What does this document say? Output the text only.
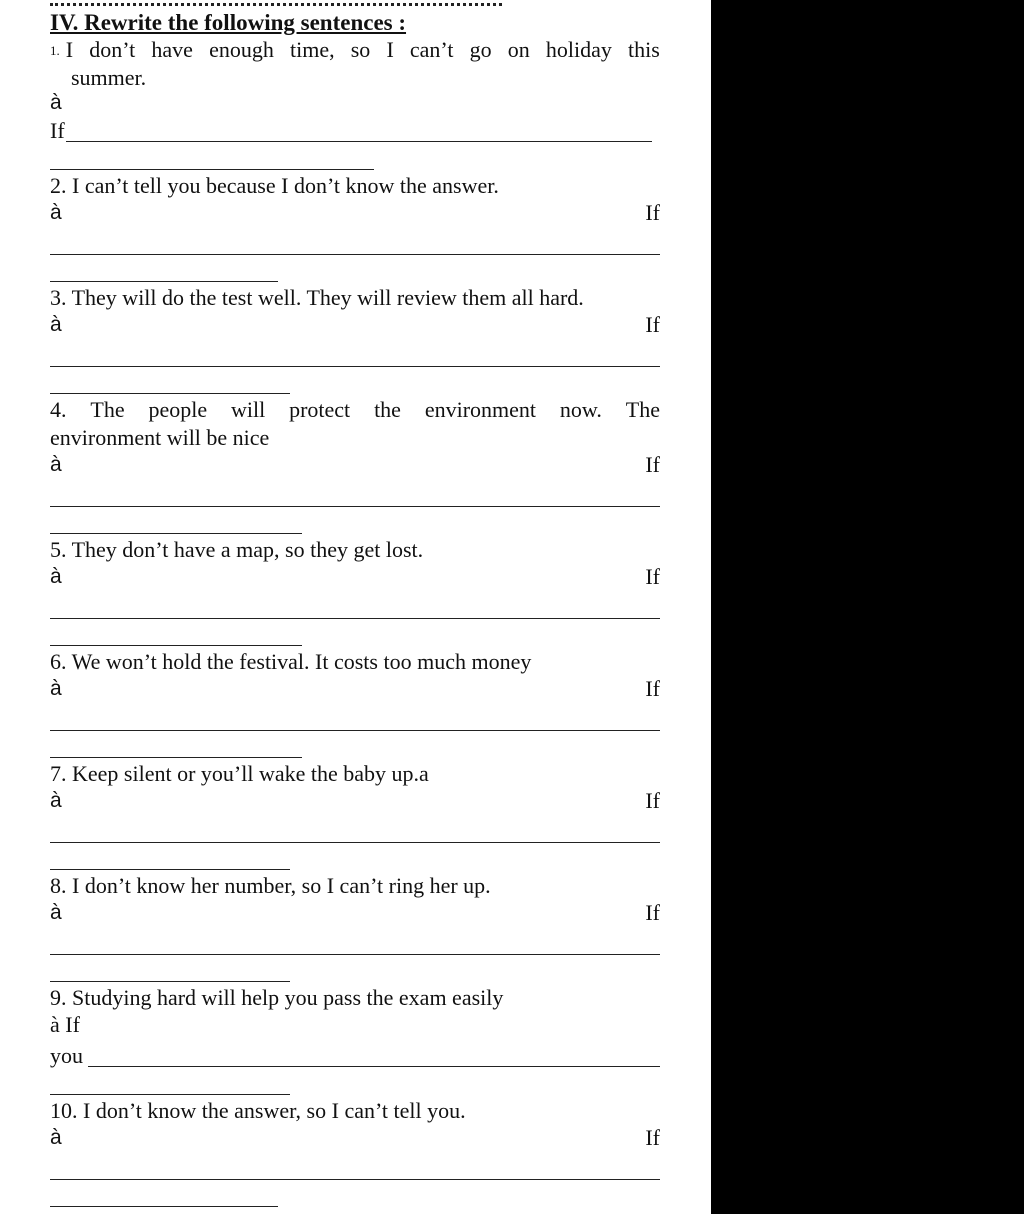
IV. Rewrite the following sentences :
1. I don’t have enough time, so I can’t go on holiday this
summer.
à
If
2. I can’t tell you because I don’t know the answer.
à	If
3. They will do the test well. They will review them all hard.
à	If
4. The people will protect the environment now. The
environment will be nice
à	If
5. They don’t have a map, so they get lost.
à	If
6. We won’t hold the festival. It costs too much money
à	If
7. Keep silent or you’ll wake the baby up.a
à	If
8. I don’t know her number, so I can’t ring her up.
à	If
9. Studying hard will help you pass the exam easily
à If
you
10. I don’t know the answer, so I can’t tell you.
à	If
